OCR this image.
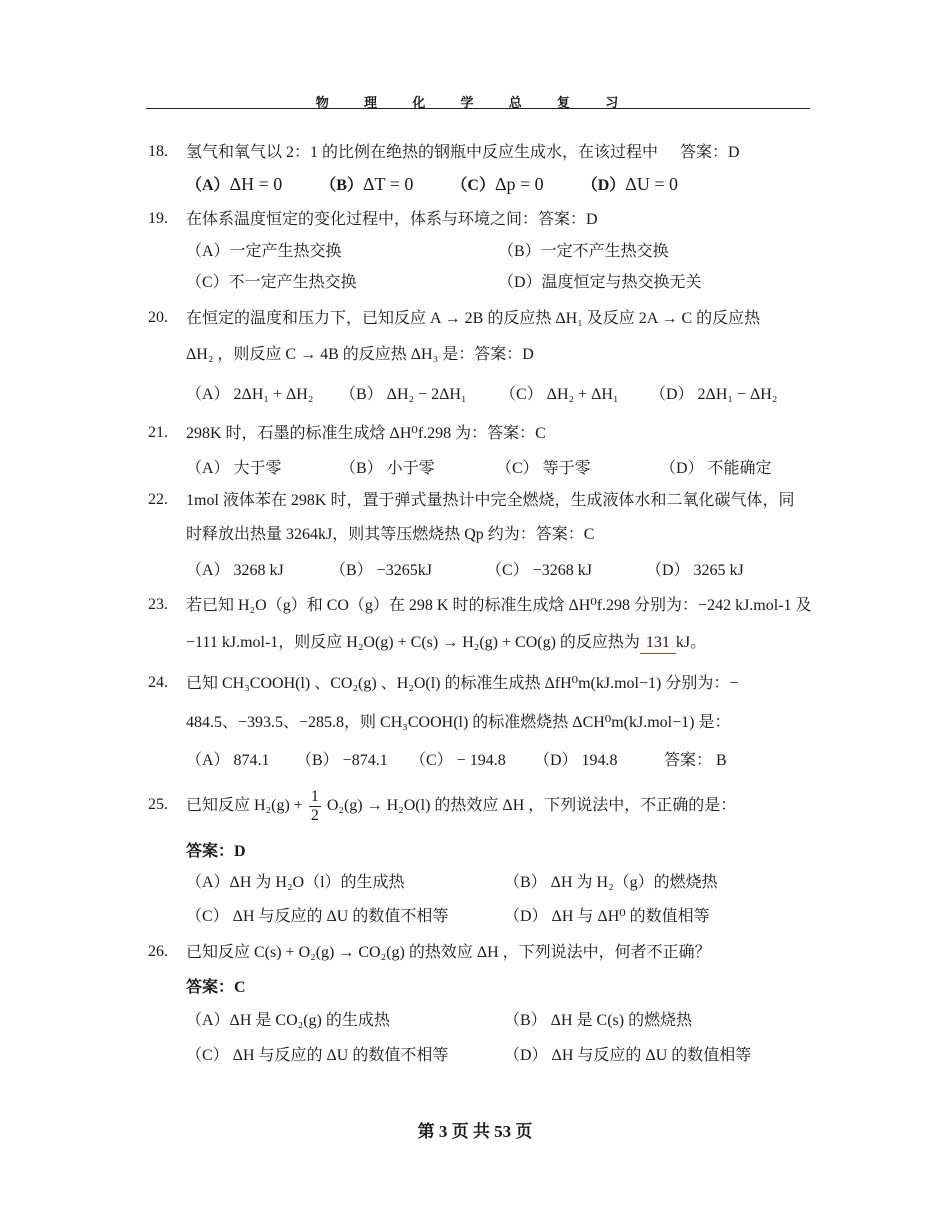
物 理 化 学 总 复 习
18. 氢气和氧气以 2：1 的比例在绝热的钢瓶中反应生成水，在该过程中 答案：D
（A）ΔH = 0 （B）ΔT = 0 （C）Δp = 0 （D）ΔU = 0
19. 在体系温度恒定的变化过程中，体系与环境之间：答案：D
（A）一定产生热交换	（B）一定不产生热交换
（C）不一定产生热交换	（D）温度恒定与热交换无关
20. 在恒定的温度和压力下，已知反应 A → 2B 的反应热 ΔH₁ 及反应 2A → C 的反应热
ΔH₂ ，则反应 C → 4B 的反应热 ΔH₃ 是：答案：D
（A） 2ΔH₁ + ΔH₂ （B） ΔH₂ − 2ΔH₁ （C） ΔH₂ + ΔH₁ （D） 2ΔH₁ − ΔH₂
21. 298K 时，石墨的标准生成焓 ΔH⁰f.298 为：答案：C
（A） 大于零	（B） 小于零	（C） 等于零	（D） 不能确定
22. 1mol 液体苯在 298K 时，置于弹式量热计中完全燃烧，生成液体水和二氧化碳气体，同
时释放出热量 3264kJ，则其等压燃烧热 Qp 约为：答案：C
（A） 3268 kJ	（B） −3265kJ	（C） −3268 kJ	（D） 3265 kJ
23. 若已知 H₂O（g）和 CO（g）在 298 K 时的标准生成焓 ΔH⁰f.298 分别为：−242 kJ.mol-1 及
−111 kJ.mol-1，则反应 H₂O(g) + C(s) → H₂(g) + CO(g) 的反应热为 131 kJ。
24. 已知 CH₃COOH(l) 、CO₂(g) 、H₂O(l) 的标准生成热 ΔfH⁰m(kJ.mol−1) 分别为：−
484.5、−393.5、−285.8，则 CH₃COOH(l) 的标准燃烧热 ΔCH⁰m(kJ.mol−1) 是：
（A） 874.1 （B） −874.1 （C） − 194.8 （D） 194.8	答案： B
25. 已知反应 $H_2(g) + \frac{1}{2} O_2(g) \to H_2O(l)$ 的热效应 ΔH ，下列说法中，不正确的是：
答案：D
（A）ΔH 为 H₂O（l）的生成热	（B） ΔH 为 H₂（g）的燃烧热
（C） ΔH 与反应的 ΔU 的数值不相等	（D） ΔH 与 ΔH⁰ 的数值相等
26. 已知反应 C(s) + O₂(g) → CO₂(g) 的热效应 ΔH ，下列说法中，何者不正确？
答案：C
（A）ΔH 是 CO₂(g) 的生成热	（B） ΔH 是 C(s) 的燃烧热
（C） ΔH 与反应的 ΔU 的数值不相等	（D） ΔH 与反应的 ΔU 的数值相等
第 3 页 共 53 页
